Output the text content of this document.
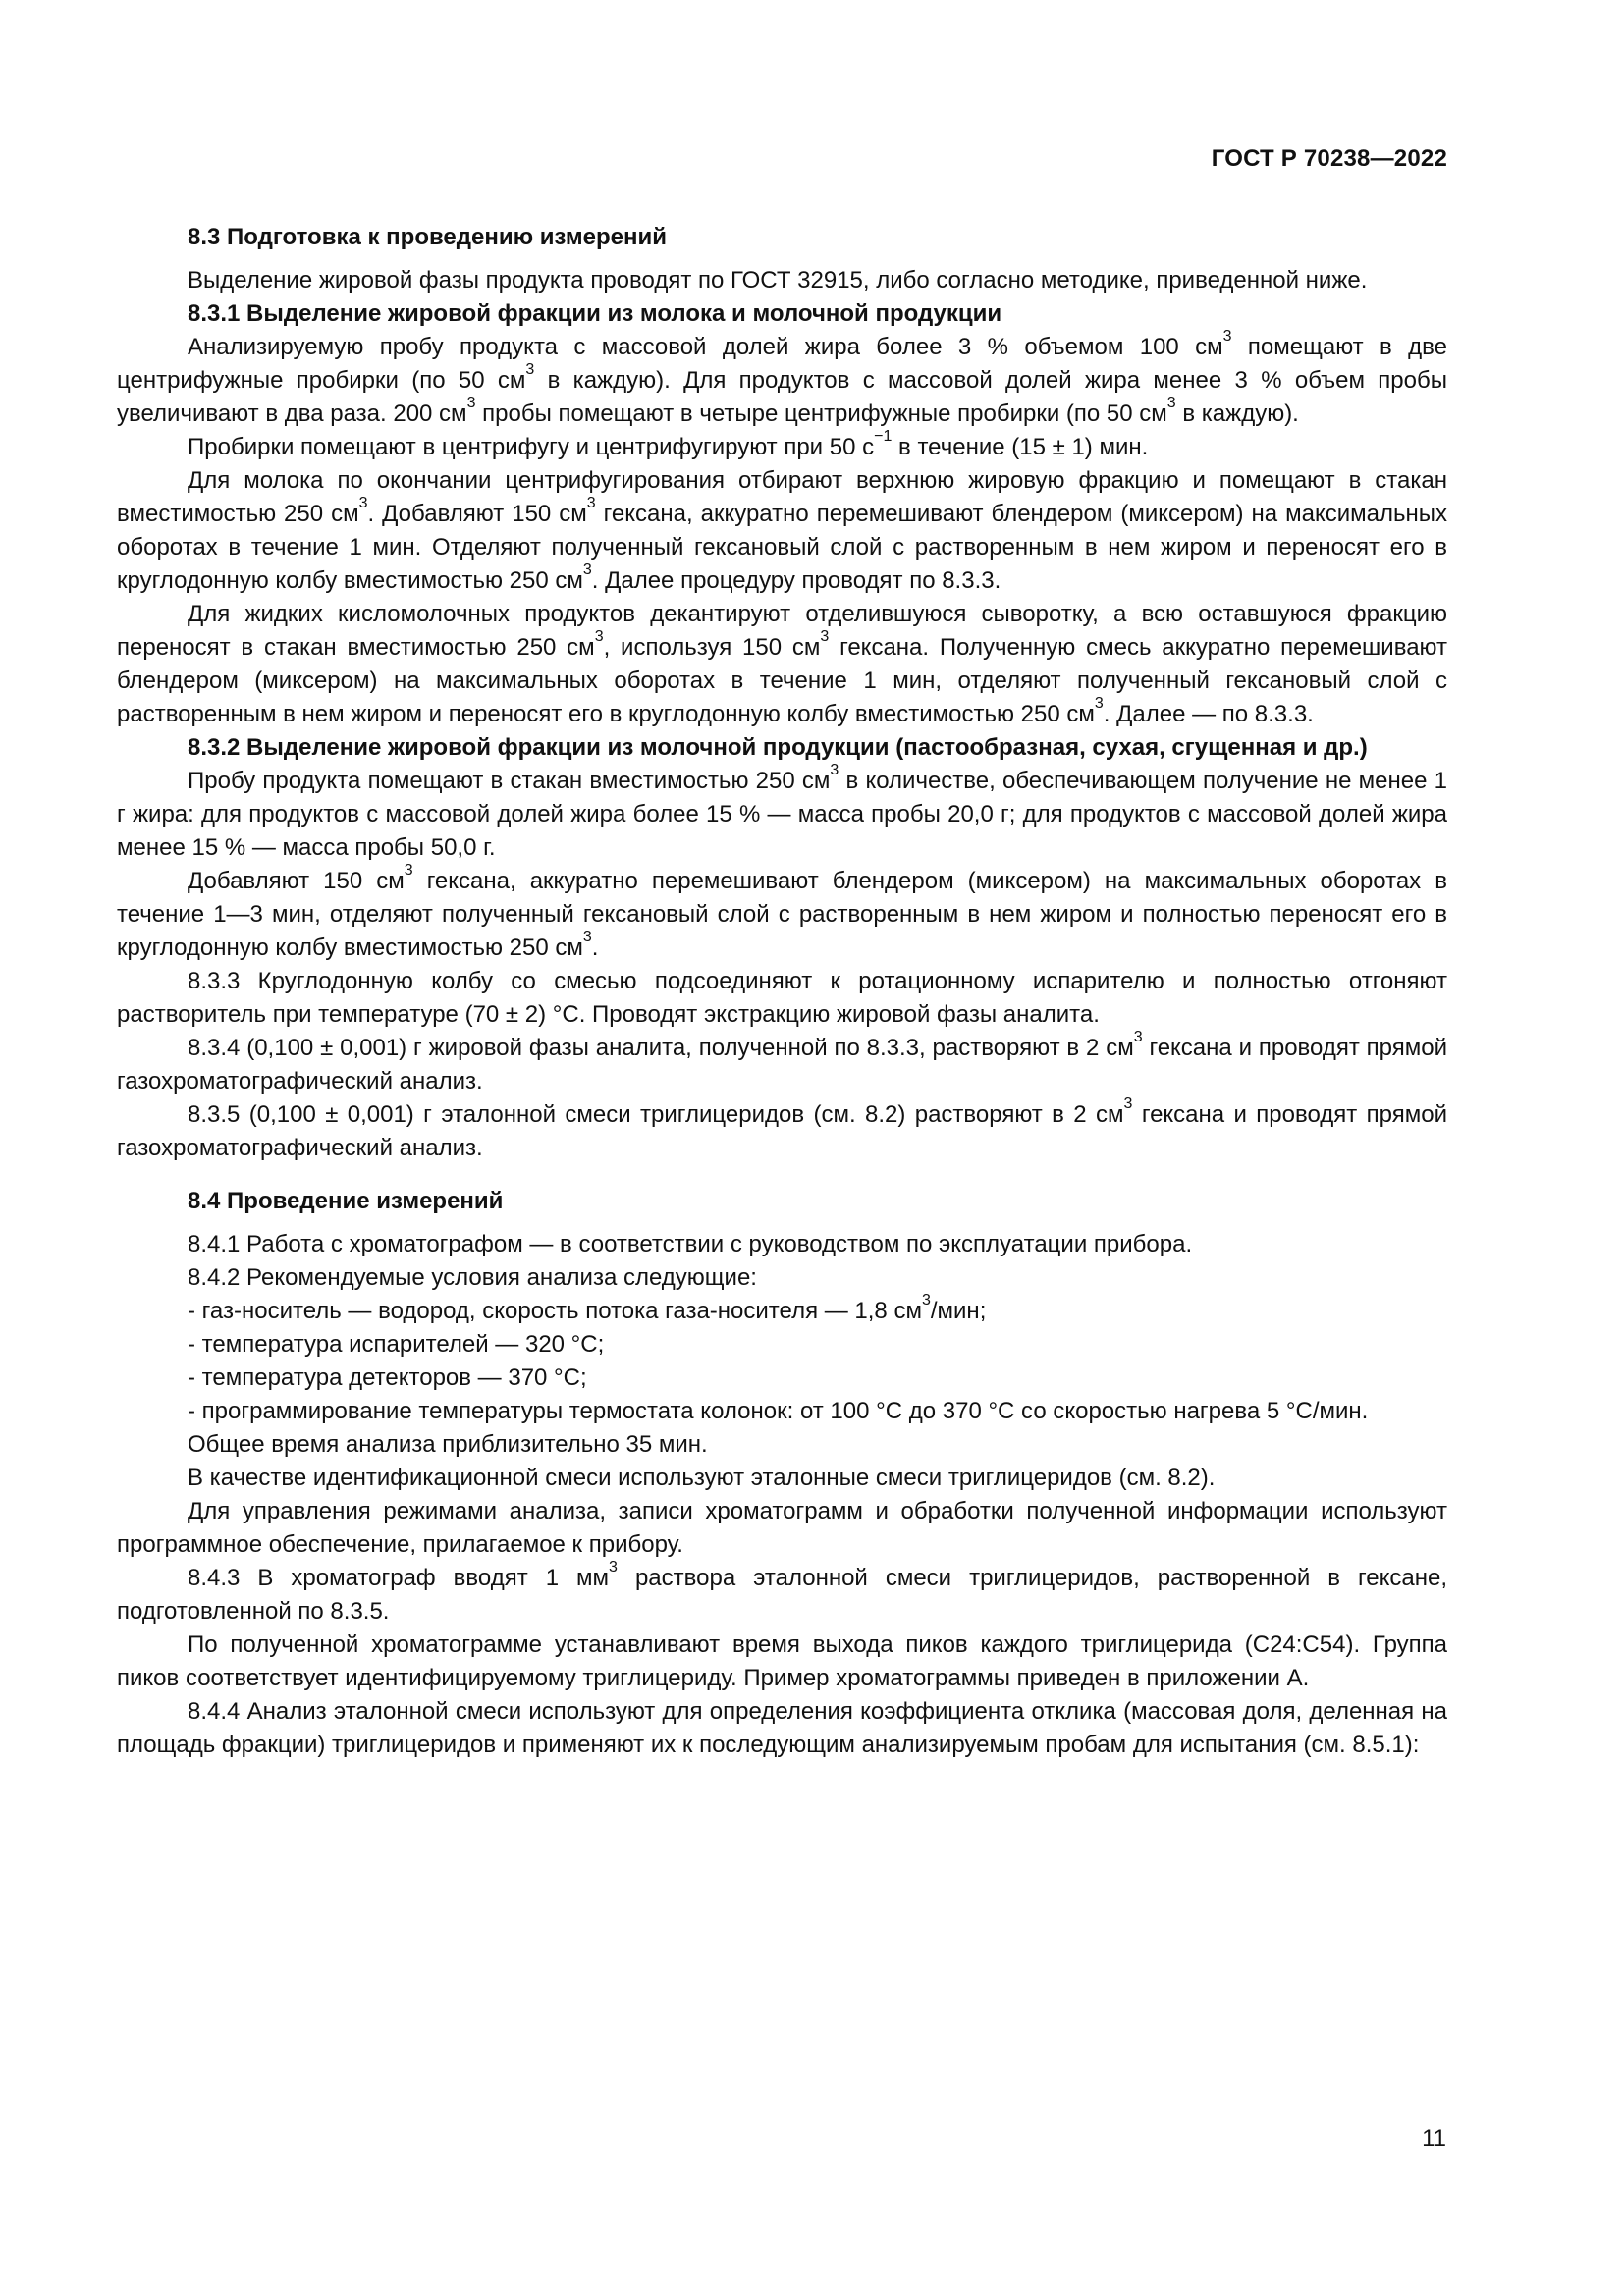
ГОСТ Р 70238—2022
8.3 Подготовка к проведению измерений

Выделение жировой фазы продукта проводят по ГОСТ 32915, либо согласно методике, приведенной ниже.

8.3.1 Выделение жировой фракции из молока и молочной продукции

Анализируемую пробу продукта с массовой долей жира более 3 % объемом 100 $см^3$ помещают в две центрифужные пробирки (по 50 $см^3$ в каждую). Для продуктов с массовой долей жира менее 3 % объем пробы увеличивают в два раза. 200 $см^3$ пробы помещают в четыре центрифужные пробирки (по 50 $см^3$ в каждую).

Пробирки помещают в центрифугу и центрифугируют при 50 $с^{-1}$ в течение (15 ± 1) мин.

Для молока по окончании центрифугирования отбирают верхнюю жировую фракцию и помещают в стакан вместимостью 250 $см^3$. Добавляют 150 $см^3$ гексана, аккуратно перемешивают блендером (миксером) на максимальных оборотах в течение 1 мин. Отделяют полученный гексановый слой с растворенным в нем жиром и переносят его в круглодонную колбу вместимостью 250 $см^3$. Далее процедуру проводят по 8.3.3.

Для жидких кисломолочных продуктов декантируют отделившуюся сыворотку, а всю оставшуюся фракцию переносят в стакан вместимостью 250 $см^3$, используя 150 $см^3$ гексана. Полученную смесь аккуратно перемешивают блендером (миксером) на максимальных оборотах в течение 1 мин, отделяют полученный гексановый слой с растворенным в нем жиром и переносят его в круглодонную колбу вместимостью 250 $см^3$. Далее — по 8.3.3.

8.3.2 Выделение жировой фракции из молочной продукции (пастообразная, сухая, сгущенная и др.)

Пробу продукта помещают в стакан вместимостью 250 $см^3$ в количестве, обеспечивающем получение не менее 1 г жира: для продуктов с массовой долей жира более 15 % — масса пробы 20,0 г; для продуктов с массовой долей жира менее 15 % — масса пробы 50,0 г.

Добавляют 150 $см^3$ гексана, аккуратно перемешивают блендером (миксером) на максимальных оборотах в течение 1—3 мин, отделяют полученный гексановый слой с растворенным в нем жиром и полностью переносят его в круглодонную колбу вместимостью 250 $см^3$.

8.3.3 Круглодонную колбу со смесью подсоединяют к ротационному испарителю и полностью отгоняют растворитель при температуре (70 ± 2) °С. Проводят экстракцию жировой фазы аналита.

8.3.4 (0,100 ± 0,001) г жировой фазы аналита, полученной по 8.3.3, растворяют в 2 $см^3$ гексана и проводят прямой газохроматографический анализ.

8.3.5 (0,100 ± 0,001) г эталонной смеси триглицеридов (см. 8.2) растворяют в 2 $см^3$ гексана и проводят прямой газохроматографический анализ.

8.4 Проведение измерений

8.4.1 Работа с хроматографом — в соответствии с руководством по эксплуатации прибора.

8.4.2 Рекомендуемые условия анализа следующие:

- газ-носитель — водород, скорость потока газа-носителя — 1,8 $см^3$/мин;

- температура испарителей — 320 °С;

- температура детекторов — 370 °С;

- программирование температуры термостата колонок: от 100 °С до 370 °С со скоростью нагрева 5 °С/мин.

Общее время анализа приблизительно 35 мин.

В качестве идентификационной смеси используют эталонные смеси триглицеридов (см. 8.2).

Для управления режимами анализа, записи хроматограмм и обработки полученной информации используют программное обеспечение, прилагаемое к прибору.

8.4.3 В хроматограф вводят 1 $мм^3$ раствора эталонной смеси триглицеридов, растворенной в гексане, подготовленной по 8.3.5.

По полученной хроматограмме устанавливают время выхода пиков каждого триглицерида (С24:С54). Группа пиков соответствует идентифицируемому триглицериду. Пример хроматограммы приведен в приложении А.

8.4.4 Анализ эталонной смеси используют для определения коэффициента отклика (массовая доля, деленная на площадь фракции) триглицеридов и применяют их к последующим анализируемым пробам для испытания (см. 8.5.1):

11
